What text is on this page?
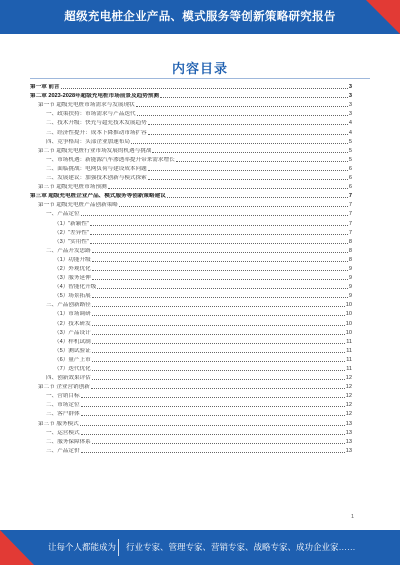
超级充电桩企业产品、模式服务等创新策略研究报告
内容目录
第一章 前言	3
第二章 2023-2028年超级充电桩市场前景及趋势预测	3
第一节 超级充电桩市场需求与发展现状	3
一、政策扶持：市场需求与产品迭代	3
二、技术升级：快充与超充技术发展趋势	4
三、经济性提升：成本下降推动市场扩容	4
四、竞争格局：头部企业加速布局	5
第二节 超级充电桩行业市场发展的机遇与挑战	5
一、市场机遇：新能源汽车渗透率提升带来需求增长	5
二、面临挑战：电网负荷与建设成本问题	6
三、发展建议：加强技术创新与模式探索	6
第三节 超级充电桩市场预测	6
第三章 超级充电桩企业产品、模式服务等创新策略建议	7
第一节 超级充电桩产品创新策略	7
一、产品定位	7
（1）“新颖性”	7
（2）“差异性”	7
（3）“实用性”	8
二、产品开发思路	8
（1）功能升级	8
（2）外观优化	9
（3）服务延伸	9
（4）智能化升级	9
（5）场景拓展	9
三、产品创新路径	10
（1）市场调研	10
（2）技术研发	10
（3）产品设计	10
（4）样机试制	11
（5）测试验证	11
（6）量产上市	11
（7）迭代优化	11
四、创新效果评估	12
第二节 企业营销创新	12
一、营销目标	12
二、市场定位	12
三、客户群体	12
第三节 服务模式	13
一、运营模式	13
二、服务保障体系	13
三、产品定价	13
1
让每个人都能成为 行业专家、管理专家、营销专家、战略专家、成功企业家……
